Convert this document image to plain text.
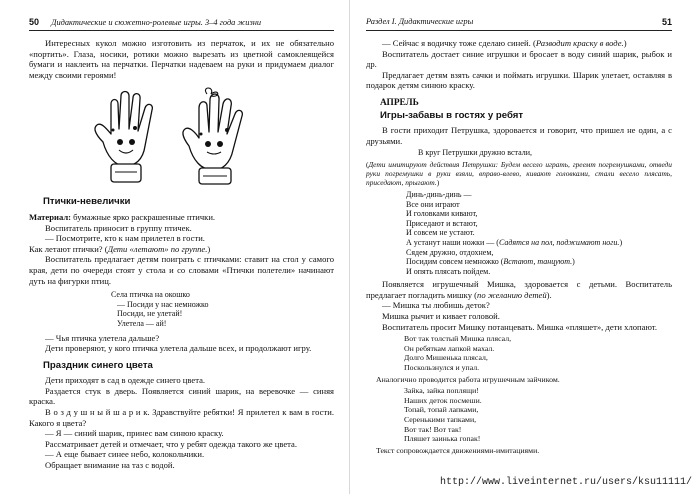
50 Дидактические и сюжетно-ролевые игры. 3–4 года жизни

Интересных кукол можно изготовить из перчаток, и их не обязательно «портить». Глаза, носики, ротики можно вырезать из цветной самоклеящейся бумаги и наклеить на перчатки. Перчатки надеваем на руки и придумаем диалог между своими героями!

Птички-невелички

Материал: бумажные ярко раскрашенные птички.

Воспитатель приносит в группу птичек.

— Посмотрите, кто к нам прилетел в гости.

Как летают птички? (Дети «летают» по группе.)

Воспитатель предлагает детям поиграть с птичками: ставит на стол у самого края, дети по очереди стоят у стола и со словами «Птички полетели» начинают дуть на фигурки птиц.

Села птичка на окошко
— Посиди у нас немножко
Посиди, не улетай!
Улетела — ай!

— Чья птичка улетела дальше?

Дети проверяют, у кого птичка улетела дальше всех, и продолжают игру.

Праздник синего цвета

Дети приходят в сад в одежде синего цвета.

Раздается стук в дверь. Появляется синий шарик, на веревочке — синяя краска.

В о з д у ш н ы й ш а р и к. Здравствуйте ребятки! Я прилетел к вам в гости. Какого я цвета?

— Я — синий шарик, принес вам синюю краску.

Рассматривает детей и отмечает, что у ребят одежда такого же цвета.

— А еще бывает синее небо, колокольчики.

Обращает внимание на таз с водой.

Раздел I. Дидактические игры	51

— Сейчас я водичку тоже сделаю синей. (Разводит краску в воде.)

Воспитатель достает синие игрушки и бросает в воду синий шарик, рыбок и др.

Предлагает детям взять сачки и поймать игрушки. Шарик улетает, оставляя в подарок детям синюю краску.

АПРЕЛЬ
Игры-забавы в гостях у ребят

В гости приходит Петрушка, здоровается и говорит, что пришел не один, а с друзьями.

В круг Петрушки дружно встали,
(Дети имитируют действия Петрушки: Будем весело играть, греемт погремушками, отведи руки погремушки в руки взяли, вправо-влево, кивают головками, стали весело плясать, приседают, прыгают.)
Динь-динь-динь —
Все они играют
И головками кивают,
Приседают и встают,
И совсем не устают.
А устанут наши ножки — (Садятся на пол, поджимают ноги.)
Сядем дружно, отдохнем,
Посидим совсем немножко (Встают, танцуют.)
И опять плясать пойдем.

Появляется игрушечный Мишка, здоровается с детьми. Воспитатель предлагает погладить мишку (по желанию детей).

— Мишка ты любишь деток?

Мишка рычит и кивает головой.

Воспитатель просит Мишку потанцевать. Мишка «пляшет», дети хлопают.

Вот так толстый Мишка плясал,
Он ребяткам лапкой махал.
Долго Мишенька плясал,
Поскользнулся и упал.
Аналогично проводится работа игрушечным зайчиком.
Зайка, зайка поплящи!
Наших деток посмеши.
Топай, топай лапками,
Серенькими тапками,
Вот так! Вот так!
Пляшет заинька гопак!
Текст сопровождается движениями-имитациями.
http://www.liveinternet.ru/users/ksu11111/
